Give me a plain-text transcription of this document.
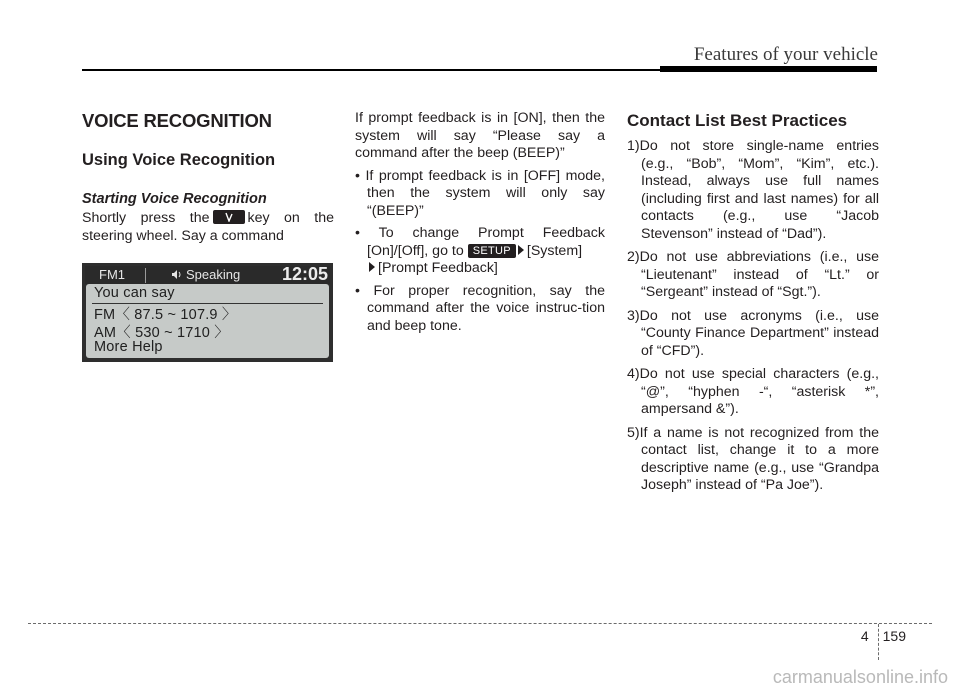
Features of your vehicle

VOICE RECOGNITION

Using Voice Recognition

Starting Voice Recognition

Shortly press the	key on the steering wheel. Say a command

FM1	Speaking 12:05
You can say
FM〈 87.5 ~ 107.9 〉
AM〈 530 ~ 1710 〉
More Help

If prompt feedback is in [ON], then the system will say “Please say a command after the beep (BEEP)”

• If prompt feedback is in [OFF] mode, then the system will only say “(BEEP)”

• To change Prompt Feedback [On]/[Off], go to SETUP [System]
[Prompt Feedback]

• For proper recognition, say the command after the voice instruc-tion and beep tone.

Contact List Best Practices

1)Do not store single-name entries (e.g., “Bob”, “Mom”, “Kim”, etc.). Instead, always use full names (including first and last names) for all contacts (e.g., use “Jacob Stevenson” instead of “Dad”).

2)Do not use abbreviations (i.e., use “Lieutenant” instead of “Lt.” or “Sergeant” instead of “Sgt.”).

3)Do not use acronyms (i.e., use “County Finance Department” instead of “CFD”).

4)Do not use special characters (e.g., “@”, “hyphen -“, “asterisk *”, ampersand &”).

5)If a name is not recognized from the contact list, change it to a more descriptive name (e.g., use “Grandpa Joseph” instead of “Pa Joe”).

4 159
carmanualsonline.info
